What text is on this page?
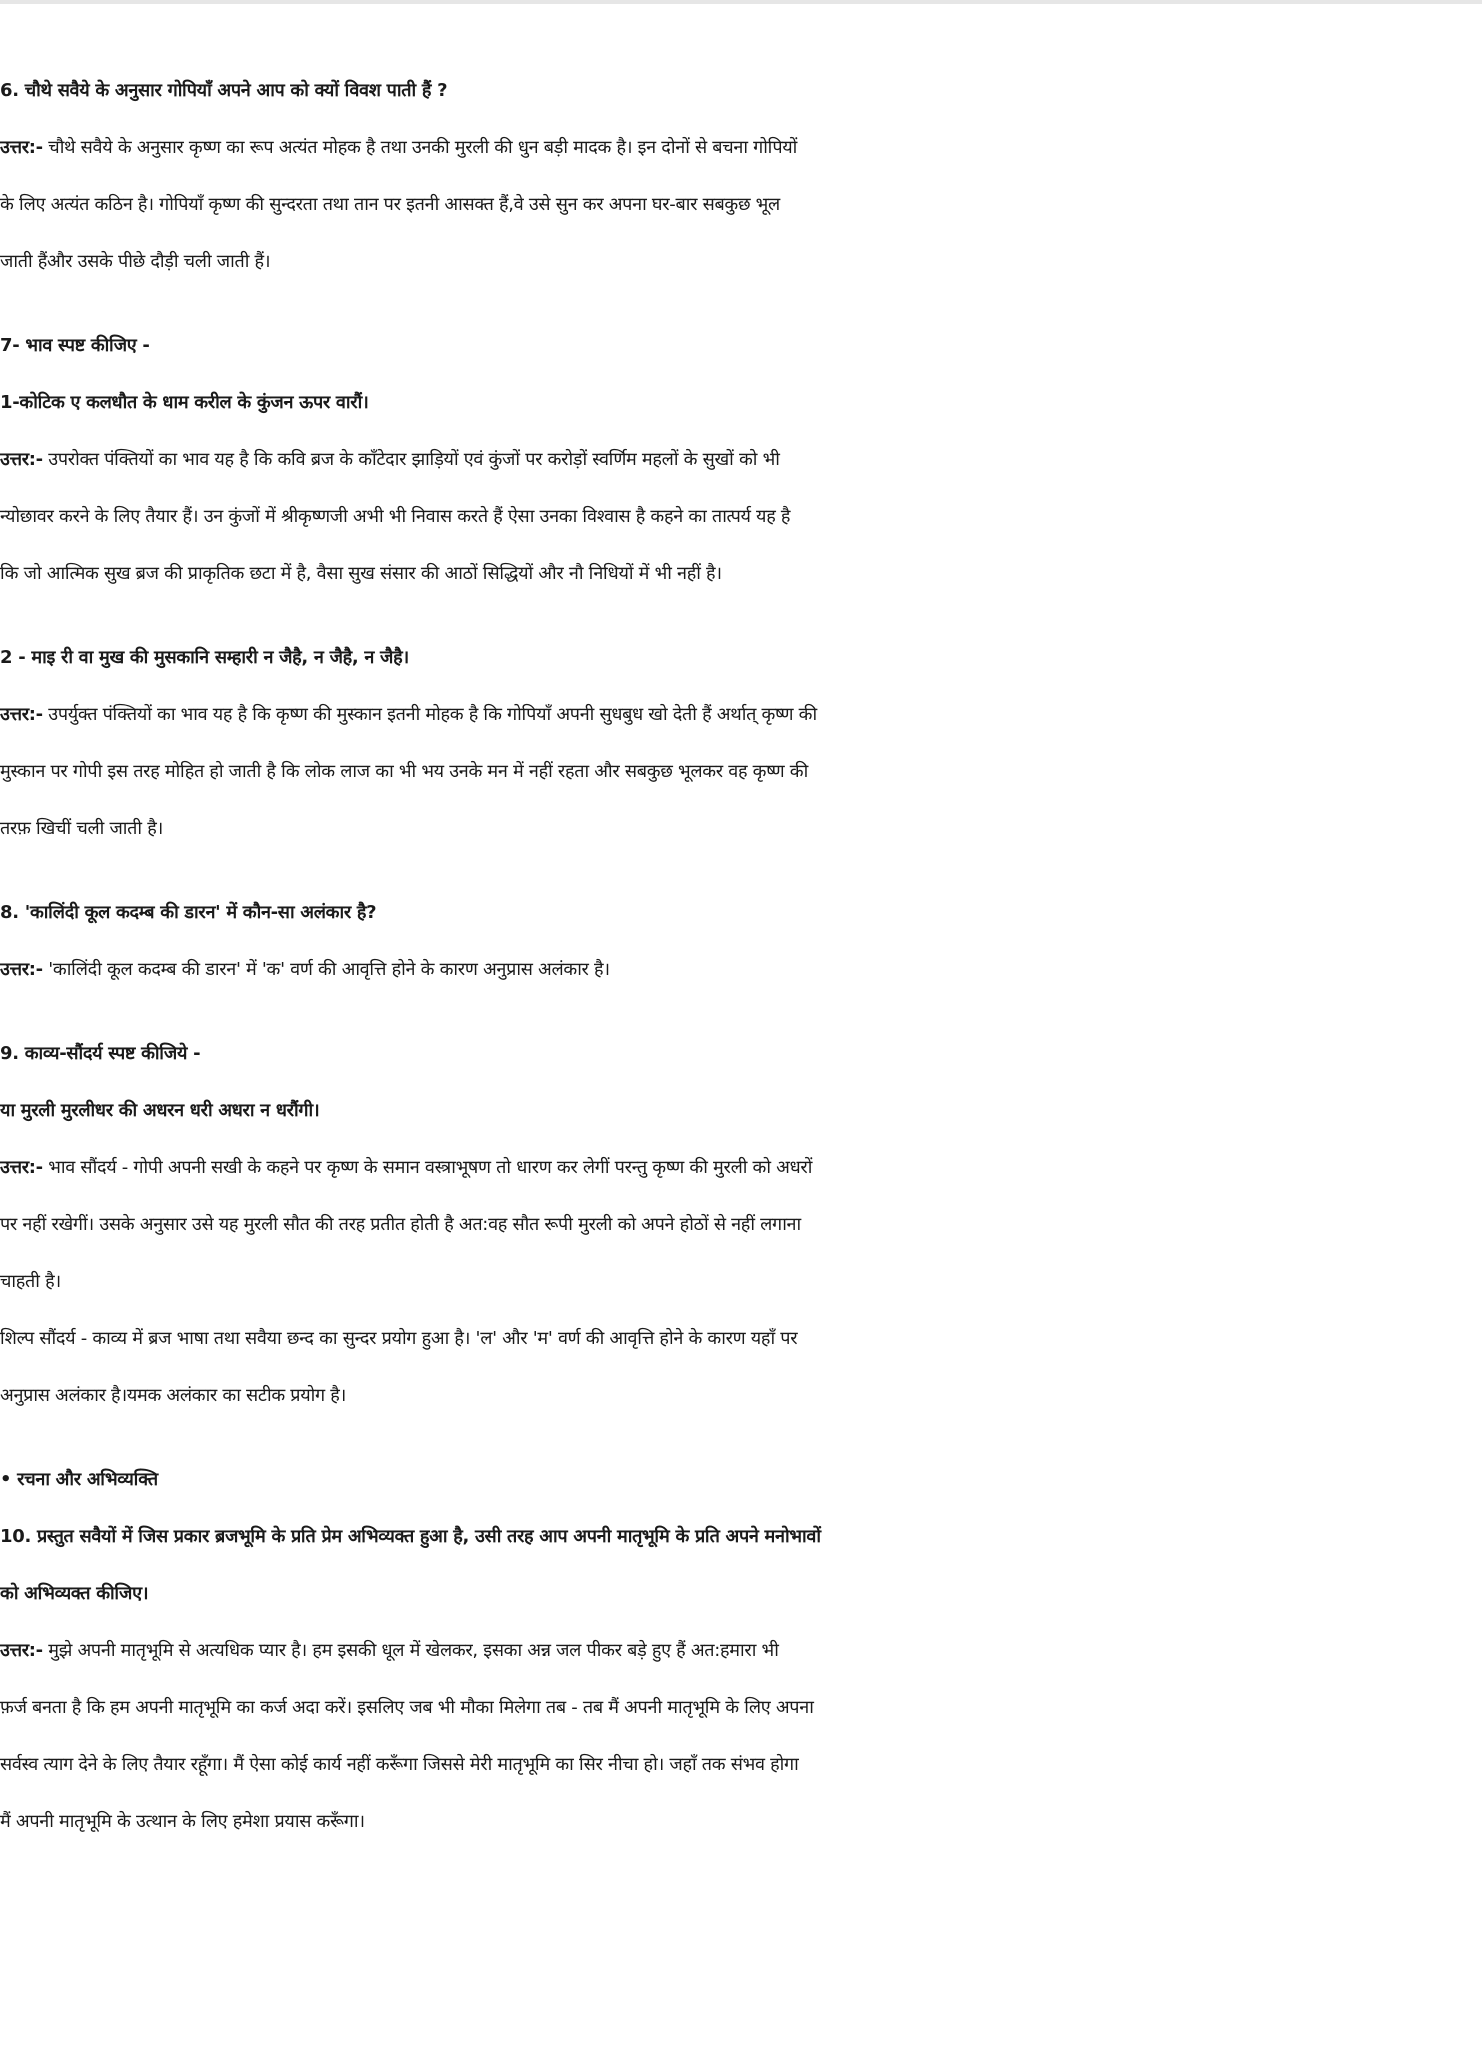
6. चौथे सवैये के अनुसार गोपियाँ अपने आप को क्यों विवश पाती हैं ?
उत्तर:- चौथे सवैये के अनुसार कृष्ण का रूप अत्यंत मोहक है तथा उनकी मुरली की धुन बड़ी मादक है। इन दोनों से बचना गोपियों
के लिए अत्यंत कठिन है। गोपियाँ कृष्ण की सुन्दरता तथा तान पर इतनी आसक्त हैं,वे उसे सुन कर अपना घर-बार सबकुछ भूल
जाती हैंऔर उसके पीछे दौड़ी चली जाती हैं।
7- भाव स्पष्ट कीजिए -
1-कोटिक ए कलधौत के धाम करील के कुंजन ऊपर वारौं।
उत्तर:- उपरोक्त पंक्तियों का भाव यह है कि कवि ब्रज के काँटेदार झाड़ियों एवं कुंजों पर करोड़ों स्वर्णिम महलों के सुखों को भी
न्योछावर करने के लिए तैयार हैं। उन कुंजों में श्रीकृष्णजी अभी भी निवास करते हैं ऐसा उनका विश्वास है कहने का तात्पर्य यह है
कि जो आत्मिक सुख ब्रज की प्राकृतिक छटा में है, वैसा सुख संसार की आठों सिद्धियों और नौ निधियों में भी नहीं है।
2 - माइ री वा मुख की मुसकानि सम्हारी न जैहै, न जैहै, न जैहै।
उत्तर:- उपर्युक्त पंक्तियों का भाव यह है कि कृष्ण की मुस्कान इतनी मोहक है कि गोपियाँ अपनी सुधबुध खो देती हैं अर्थात् कृष्ण की
मुस्कान पर गोपी इस तरह मोहित हो जाती है कि लोक लाज का भी भय उनके मन में नहीं रहता और सबकुछ भूलकर वह कृष्ण की
तरफ़ खिचीं चली जाती है।
8. 'कालिंदी कूल कदम्ब की डारन' में कौन-सा अलंकार है?
उत्तर:- 'कालिंदी कूल कदम्ब की डारन' में 'क' वर्ण की आवृत्ति होने के कारण अनुप्रास अलंकार है।
9. काव्य-सौंदर्य स्पष्ट कीजिये -
या मुरली मुरलीधर की अधरन धरी अधरा न धरौंगी।
उत्तर:- भाव सौंदर्य - गोपी अपनी सखी के कहने पर कृष्ण के समान वस्त्राभूषण तो धारण कर लेगीं परन्तु कृष्ण की मुरली को अधरों
पर नहीं रखेगीं। उसके अनुसार उसे यह मुरली सौत की तरह प्रतीत होती है अत:वह सौत रूपी मुरली को अपने होठों से नहीं लगाना
चाहती है।
शिल्प सौंदर्य - काव्य में ब्रज भाषा तथा सवैया छन्द का सुन्दर प्रयोग हुआ है। 'ल' और 'म' वर्ण की आवृत्ति होने के कारण यहाँ पर
अनुप्रास अलंकार है।यमक अलंकार का सटीक प्रयोग है।
• रचना और अभिव्यक्ति
10. प्रस्तुत सवैयों में जिस प्रकार ब्रजभूमि के प्रति प्रेम अभिव्यक्त हुआ है, उसी तरह आप अपनी मातृभूमि के प्रति अपने मनोभावों
को अभिव्यक्त कीजिए।
उत्तर:- मुझे अपनी मातृभूमि से अत्यधिक प्यार है। हम इसकी धूल में खेलकर, इसका अन्न जल पीकर बड़े हुए हैं अत:हमारा भी
फ़र्ज बनता है कि हम अपनी मातृभूमि का कर्ज अदा करें। इसलिए जब भी मौका मिलेगा तब - तब मैं अपनी मातृभूमि के लिए अपना
सर्वस्व त्याग देने के लिए तैयार रहूँगा। मैं ऐसा कोई कार्य नहीं करूँगा जिससे मेरी मातृभूमि का सिर नीचा हो। जहाँ तक संभव होगा
मैं अपनी मातृभूमि के उत्थान के लिए हमेशा प्रयास करूँगा।
